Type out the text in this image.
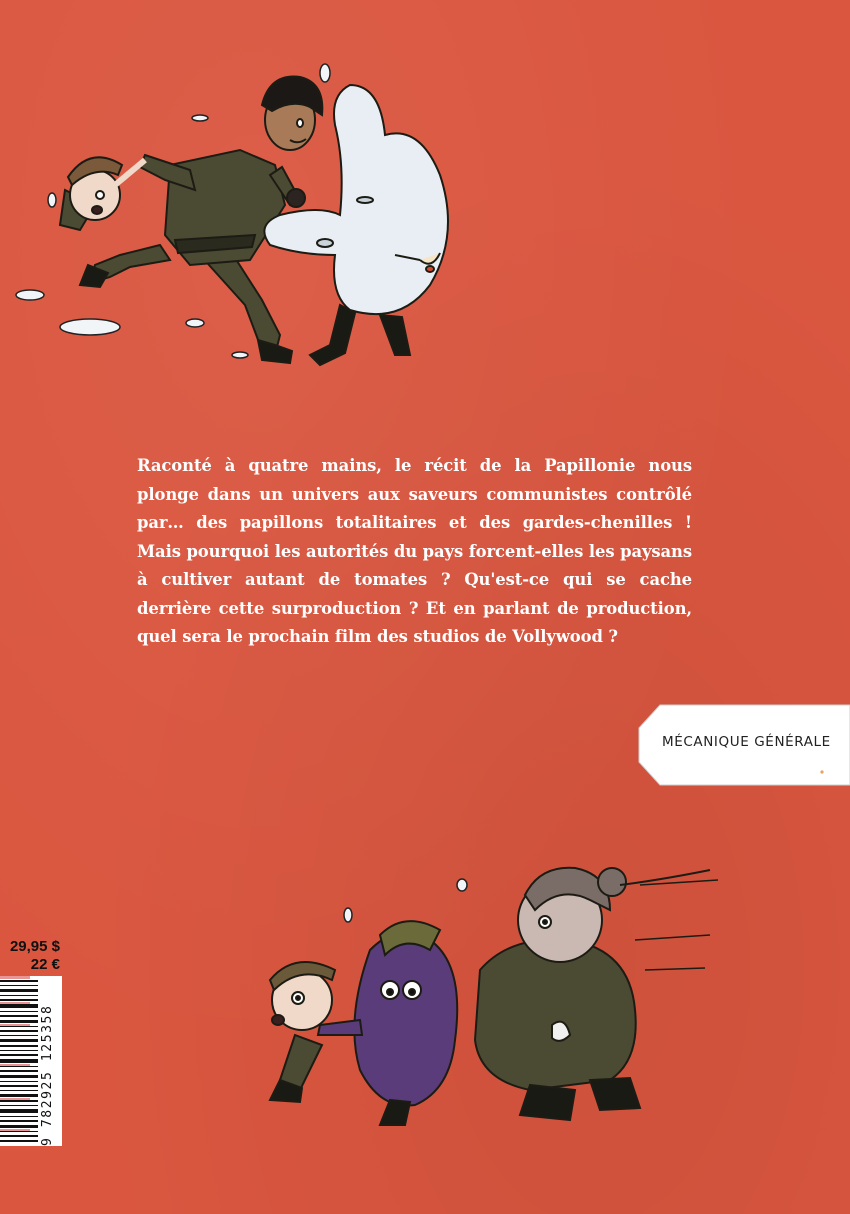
Raconté à quatre mains, le récit de la Papillonie nous plonge dans un univers aux saveurs communistes contrôlé par… des papillons totalitaires et des gardes-chenilles ! Mais pourquoi les autorités du pays forcent-elles les paysans à cultiver autant de tomates ? Qu'est-ce qui se cache derrière cette surproduction ? Et en parlant de production, quel sera le prochain film des studios de Vollywood ?

MÉCANIQUE GÉNÉRALE
29,95 $
22 €
9 782925 125358
